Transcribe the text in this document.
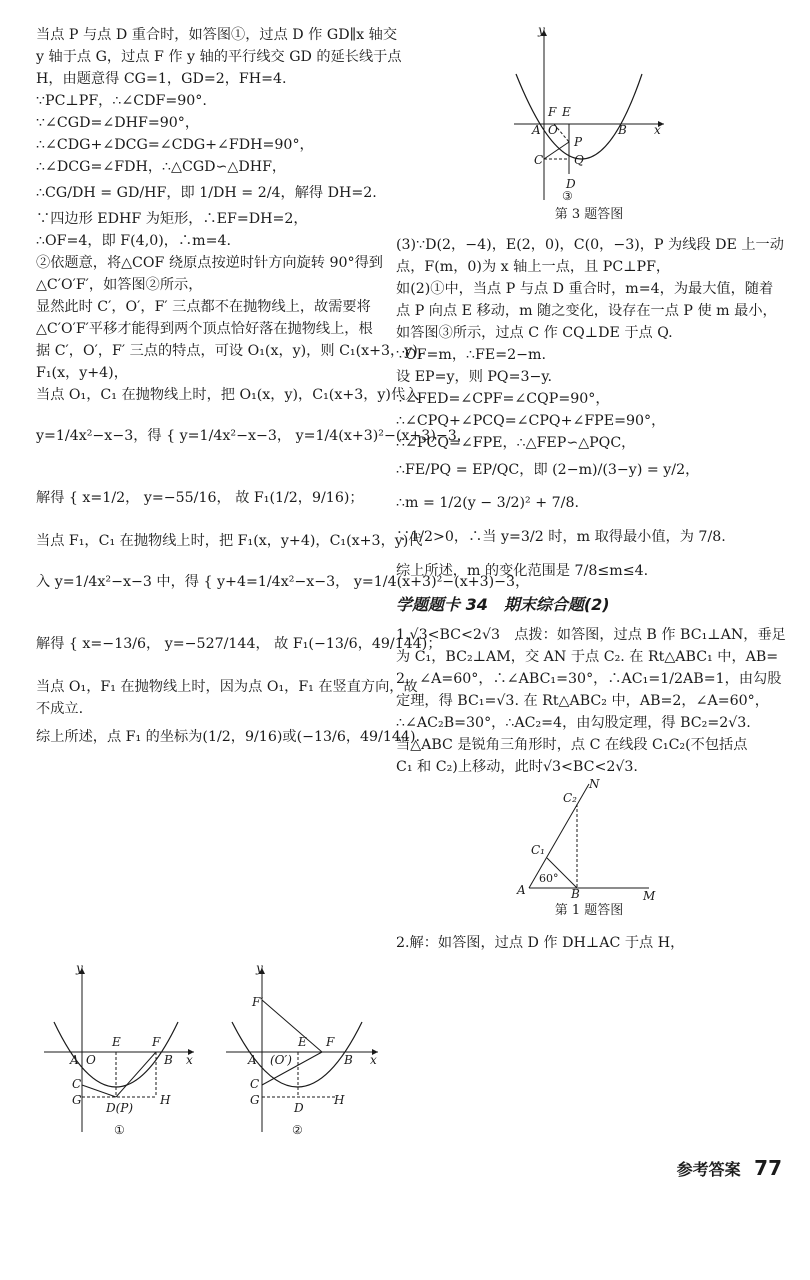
当点 P 与点 D 重合时，如答图①，过点 D 作 GD∥x 轴交
y 轴于点 G，过点 F 作 y 轴的平行线交 GD 的延长线于点
H，由题意得 CG=1，GD=2，FH=4.
∵PC⊥PF，∴∠CDF=90°.
∵∠CGD=∠DHF=90°，
∴∠CDG+∠DCG=∠CDG+∠FDH=90°，
∴∠DCG=∠FDH，∴△CGD∽△DHF，
∴CG/DH = GD/HF，即 1/DH = 2/4，解得 DH=2.
∵四边形 EDHF 为矩形，∴EF=DH=2，
∴OF=4，即 F(4,0)，∴m=4.
②依题意，将△COF 绕原点按逆时针方向旋转 90°得到
△C′O′F′，如答图②所示，
显然此时 C′，O′，F′ 三点都不在抛物线上，故需要将
△C′O′F′平移才能得到两个顶点恰好落在抛物线上，根
据 C′，O′，F′ 三点的特点，可设 O₁(x，y)，则 C₁(x+3，y)，
F₁(x，y+4)，
当点 O₁，C₁ 在抛物线上时，把 O₁(x，y)，C₁(x+3，y)代入
y=1/4x²−x−3，得 { y=1/4x²−x−3， y=1/4(x+3)²−(x+3)−3，
解得 { x=1/2， y=−55/16， 故 F₁(1/2，9/16)；
当点 F₁，C₁ 在抛物线上时，把 F₁(x，y+4)，C₁(x+3，y)代
入 y=1/4x²−x−3 中，得 { y+4=1/4x²−x−3， y=1/4(x+3)²−(x+3)−3，
解得 { x=−13/6， y=−527/144， 故 F₁(−13/6，49/144)；
当点 O₁，F₁ 在抛物线上时，因为点 O₁，F₁ 在竖直方向，故
不成立.
综上所述，点 F₁ 的坐标为(1/2，9/16)或(−13/6，49/144).
A O
E	F
B x
C
G
D(P)
H
y
①
F′
A (O′)
E F
B x
C
G
D
H
y
②
A O
F E
P
Q
C
D
B x
y
③
第 3 题答图
(3)∵D(2，−4)，E(2，0)，C(0，−3)，P 为线段 DE 上一动
点，F(m，0)为 x 轴上一点，且 PC⊥PF，
如(2)①中，当点 P 与点 D 重合时，m=4，为最大值，随着
点 P 向点 E 移动，m 随之变化，设存在一点 P 使 m 最小，
如答图③所示，过点 C 作 CQ⊥DE 于点 Q.
∵OF=m，∴FE=2−m.
设 EP=y，则 PQ=3−y.
∵∠FED=∠CPF=∠CQP=90°，
∴∠CPQ+∠PCQ=∠CPQ+∠FPE=90°，
∴∠PCQ=∠FPE，∴△FEP∽△PQC，
∴FE/PQ = EP/QC，即 (2−m)/(3−y) = y/2，
∴m = 1/2(y − 3/2)² + 7/8.
∵1/2>0，∴当 y=3/2 时，m 取得最小值，为 7/8.
综上所述，m 的变化范围是 7/8≤m≤4.
学题题卡 34　期末综合题(2)
1.√3<BC<2√3　点拨：如答图，过点 B 作 BC₁⊥AN，垂足
为 C₁，BC₂⊥AM，交 AN 于点 C₂. 在 Rt△ABC₁ 中，AB=
2，∠A=60°，∴∠ABC₁=30°，∴AC₁=1/2AB=1，由勾股
定理，得 BC₁=√3. 在 Rt△ABC₂ 中，AB=2，∠A=60°，
∴∠AC₂B=30°，∴AC₂=4，由勾股定理，得 BC₂=2√3.
当△ABC 是锐角三角形时，点 C 在线段 C₁C₂(不包括点
C₁ 和 C₂)上移动，此时√3<BC<2√3.
A	B	M
N
C₂
C₁
60°
第 1 题答图
2.解：如答图，过点 D 作 DH⊥AC 于点 H，
参考答案 77
